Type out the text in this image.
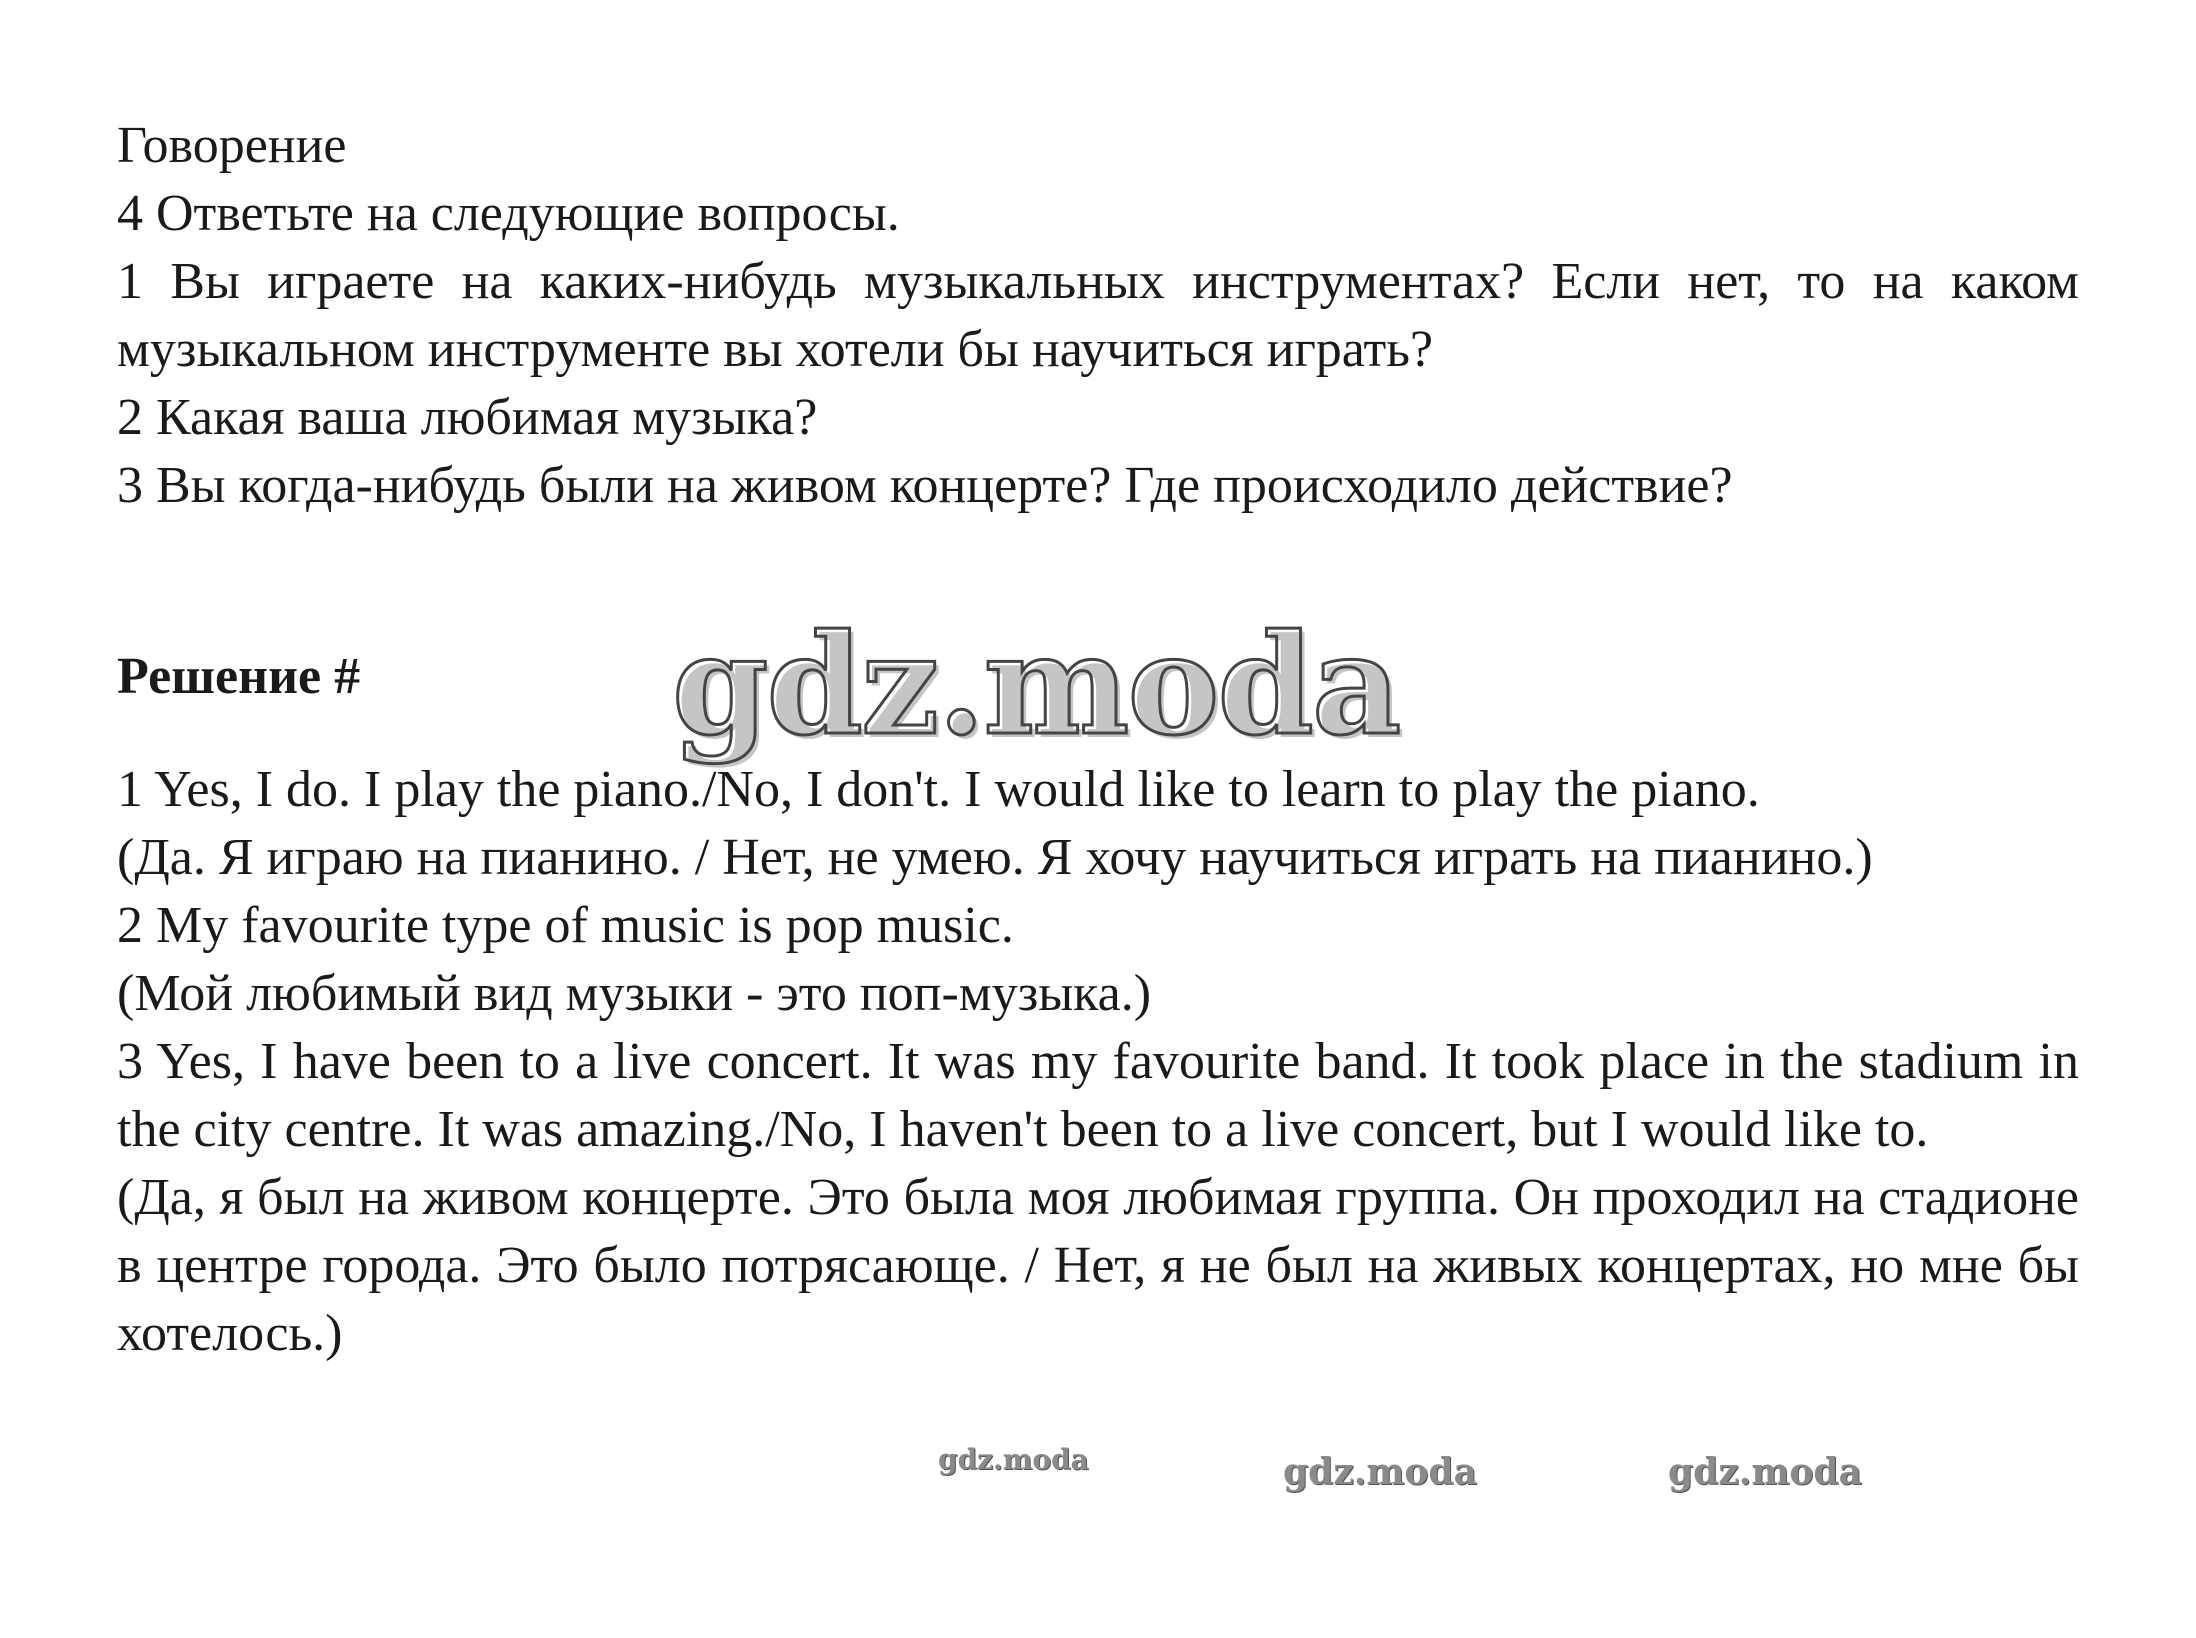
Говорение

4 Ответьте на следующие вопросы.

1 Вы играете на каких-нибудь музыкальных инструментах? Если нет, то на каком музыкальном инструменте вы хотели бы научиться играть?

2 Какая ваша любимая музыка?

3 Вы когда-нибудь были на живом концерте? Где происходило действие?

Решение # gdz.moda

1 Yes, I do. I play the piano./No, I don't. I would like to learn to play the piano.

(Да. Я играю на пианино. / Нет, не умею. Я хочу научиться играть на пианино.)

2 My favourite type of music is pop music.

(Мой любимый вид музыки - это поп-музыка.)

3 Yes, I have been to a live concert. It was my favourite band. It took place in the stadium in the city centre. It was amazing./No, I haven't been to a live concert, but I would like to.

(Да, я был на живом концерте. Это была моя любимая группа. Он проходил на стадионе в центре города. Это было потрясающе. / Нет, я не был на живых концертах, но мне бы хотелось.)

gdz.moda	gdz.moda	gdz.moda
